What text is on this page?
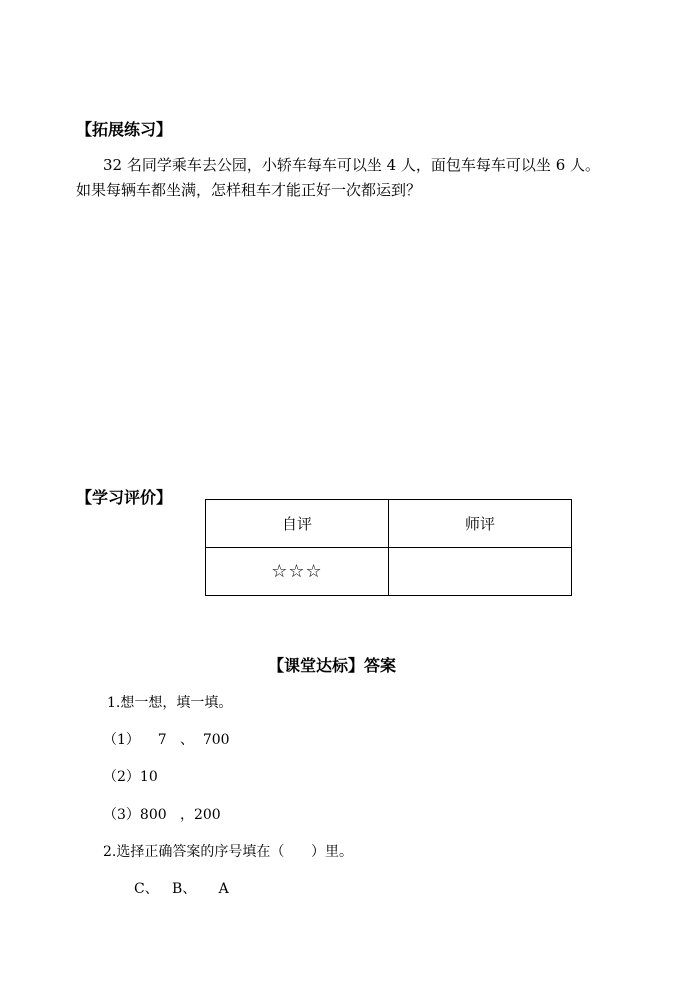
【拓展练习】
32 名同学乘车去公园，小轿车每车可以坐 4 人，面包车每车可以坐 6 人。
如果每辆车都坐满，怎样租车才能正好一次都运到？
【学习评价】
自评	师评
☆☆☆	
【课堂达标】答案
1.想一想，填一填。
（1）    7   、  700
（2）10
（3）800   ，200
2.选择正确答案的序号填在（      ）里。
C、   B、     A
